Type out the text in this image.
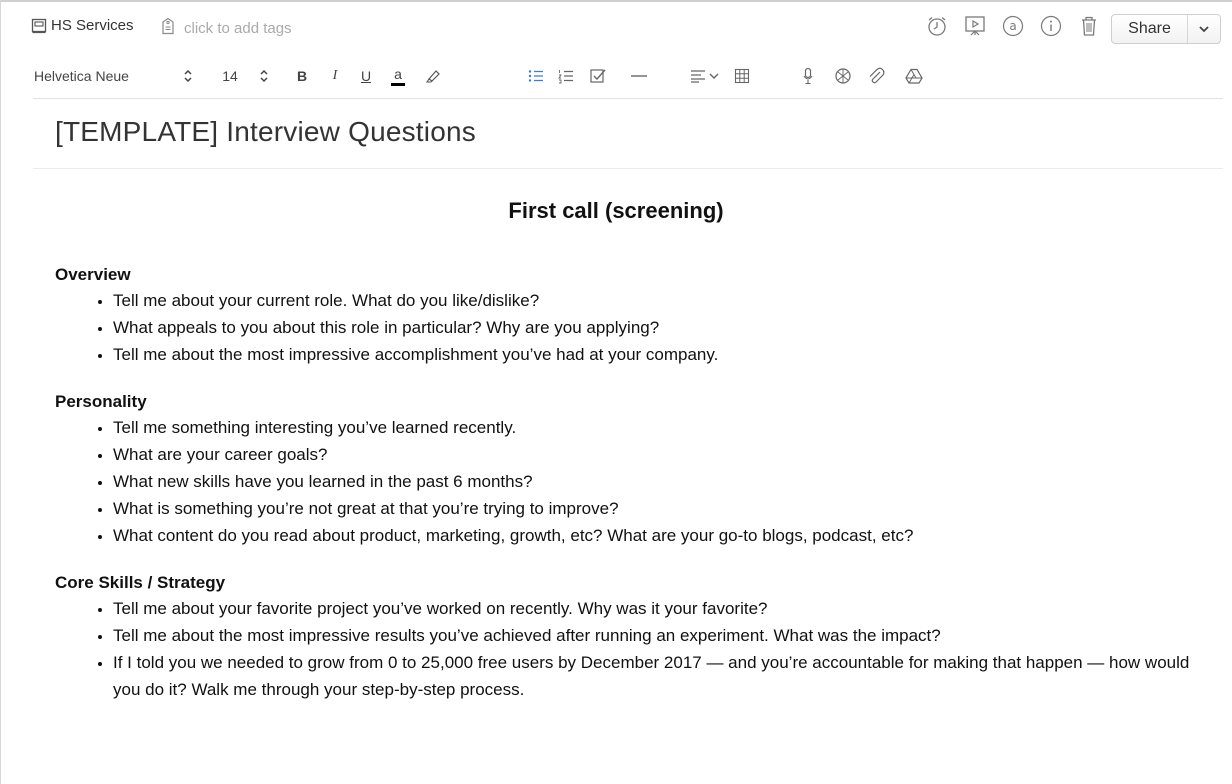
HS Services	click to add tags	a	Share
Helvetica Neue	14	B	I	U a
[TEMPLATE] Interview Questions
First call (screening)
Overview
• Tell me about your current role. What do you like/dislike?
• What appeals to you about this role in particular? Why are you applying?
• Tell me about the most impressive accomplishment you’ve had at your company.
Personality
• Tell me something interesting you’ve learned recently.
• What are your career goals?
• What new skills have you learned in the past 6 months?
• What is something you’re not great at that you’re trying to improve?
• What content do you read about product, marketing, growth, etc? What are your go-to blogs, podcast, etc?
Core Skills / Strategy
• Tell me about your favorite project you’ve worked on recently. Why was it your favorite?
• Tell me about the most impressive results you’ve achieved after running an experiment. What was the impact?
• If I told you we needed to grow from 0 to 25,000 free users by December 2017 — and you’re accountable for making that happen — how would you do it? Walk me through your step-by-step process.
